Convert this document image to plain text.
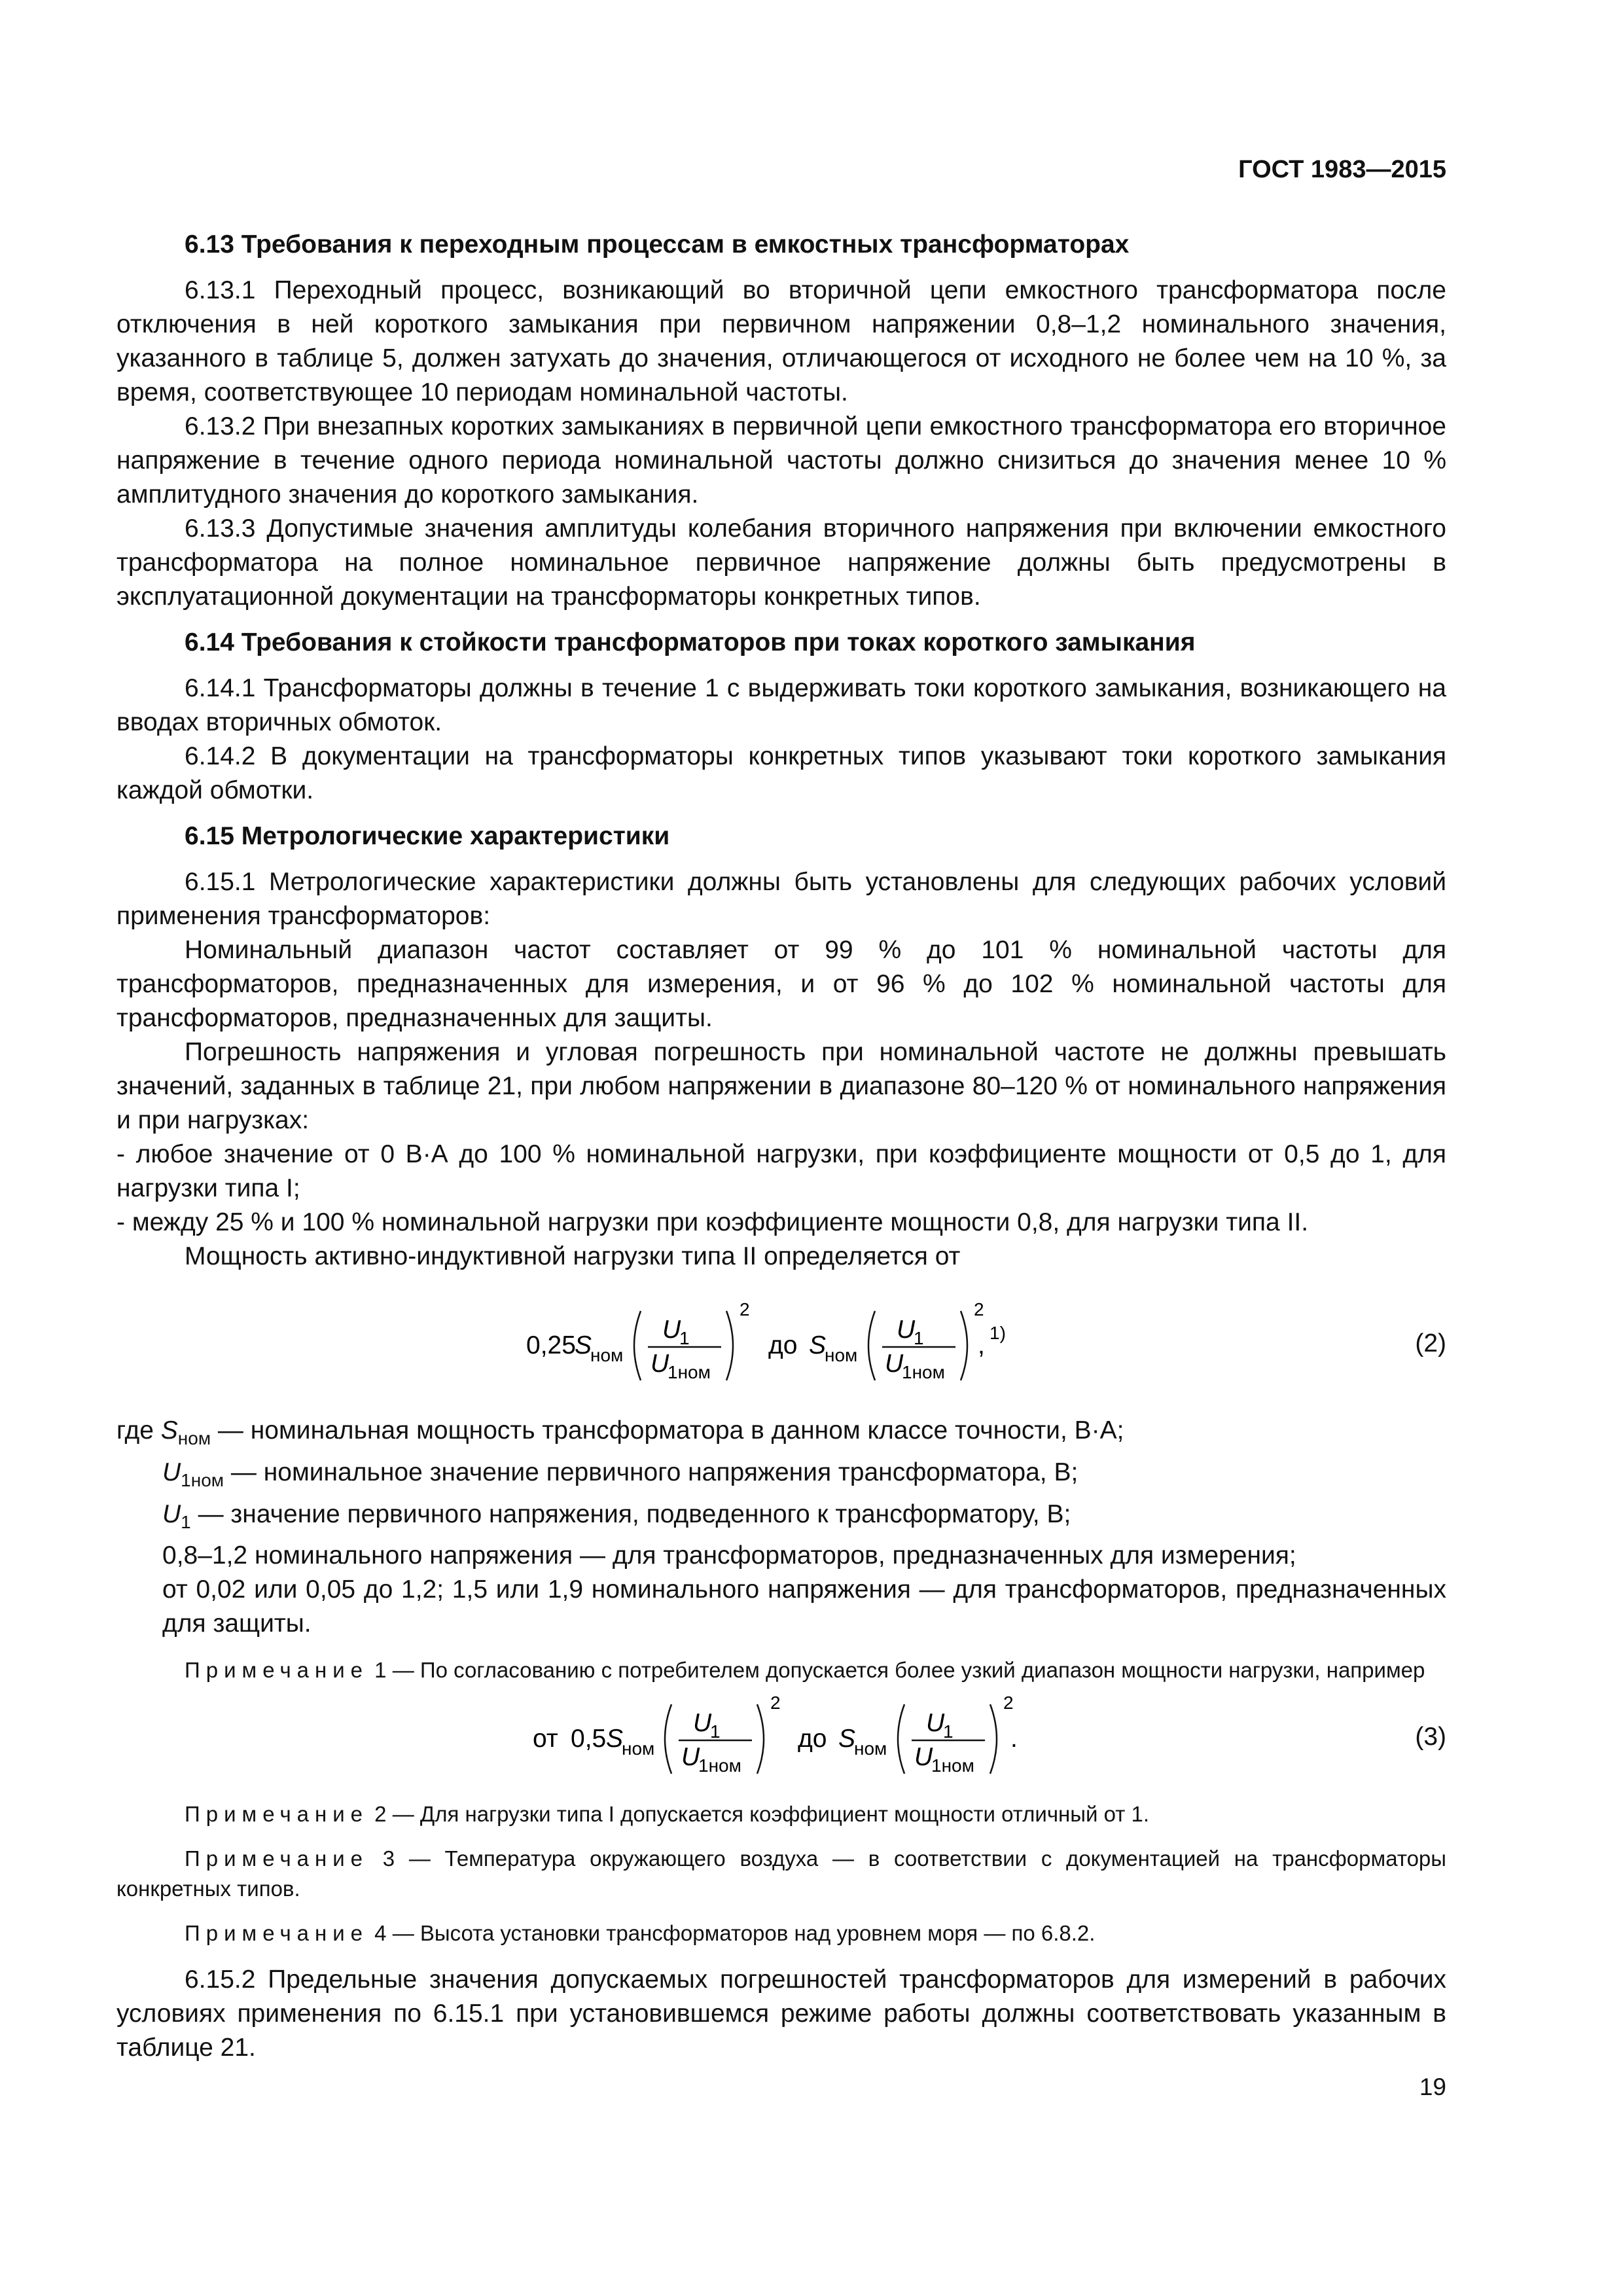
ГОСТ 1983—2015
6.13 Требования к переходным процессам в емкостных трансформаторах

6.13.1 Переходный процесс, возникающий во вторичной цепи емкостного трансформатора после отключения в ней короткого замыкания при первичном напряжении 0,8–1,2 номинального значения, указанного в таблице 5, должен затухать до значения, отличающегося от исходного не более чем на 10 %, за время, соответствующее 10 периодам номинальной частоты.

6.13.2 При внезапных коротких замыканиях в первичной цепи емкостного трансформатора его вторичное напряжение в течение одного периода номинальной частоты должно снизиться до значения менее 10 % амплитудного значения до короткого замыкания.

6.13.3 Допустимые значения амплитуды колебания вторичного напряжения при включении емкостного трансформатора на полное номинальное первичное напряжение должны быть предусмотрены в эксплуатационной документации на трансформаторы конкретных типов.

6.14 Требования к стойкости трансформаторов при токах короткого замыкания

6.14.1 Трансформаторы должны в течение 1 с выдерживать токи короткого замыкания, возникающего на вводах вторичных обмоток.

6.14.2 В документации на трансформаторы конкретных типов указывают токи короткого замыкания каждой обмотки.

6.15 Метрологические характеристики

6.15.1 Метрологические характеристики должны быть установлены для следующих рабочих условий применения трансформаторов:

Номинальный диапазон частот составляет от 99 % до 101 % номинальной частоты для трансформаторов, предназначенных для измерения, и от 96 % до 102 % номинальной частоты для трансформаторов, предназначенных для защиты.

Погрешность напряжения и угловая погрешность при номинальной частоте не должны превышать значений, заданных в таблице 21, при любом напряжении в диапазоне 80–120 % от номинального напряжения и при нагрузках:

- любое значение от 0 В·А до 100 % номинальной нагрузки, при коэффициенте мощности от 0,5 до 1, для нагрузки типа I;

- между 25 % и 100 % номинальной нагрузки при коэффициенте мощности 0,8, для нагрузки типа II.

Мощность активно-индуктивной нагрузки типа II определяется от

0,25
S
ном
U
1
U
1ном
2
до S
ном
U
1
U
1ном
2
, 1)	(2)

где $S_{ном}$ — номинальная мощность трансформатора в данном классе точности, В·А;

$U_{1ном}$ — номинальное значение первичного напряжения трансформатора, В;

$U_1$ — значение первичного напряжения, подведенного к трансформатору, В;

0,8–1,2 номинального напряжения — для трансформаторов, предназначенных для измерения;

от 0,02 или 0,05 до 1,2; 1,5 или 1,9 номинального напряжения — для трансформаторов, предназначенных для защиты.

Примечание 1 — По согласованию с потребителем допускается более узкий диапазон мощности нагрузки, например

от 0,5 S
ном
U
1
U
1ном
2
до S
ном
U
1
U
1ном
2
.	(3)

Примечание 2 — Для нагрузки типа I допускается коэффициент мощности отличный от 1.

Примечание 3 — Температура окружающего воздуха — в соответствии с документацией на трансформаторы конкретных типов.

Примечание 4 — Высота установки трансформаторов над уровнем моря — по 6.8.2.

6.15.2 Предельные значения допускаемых погрешностей трансформаторов для измерений в рабочих условиях применения по 6.15.1 при установившемся режиме работы должны соответствовать указанным в таблице 21.

19
